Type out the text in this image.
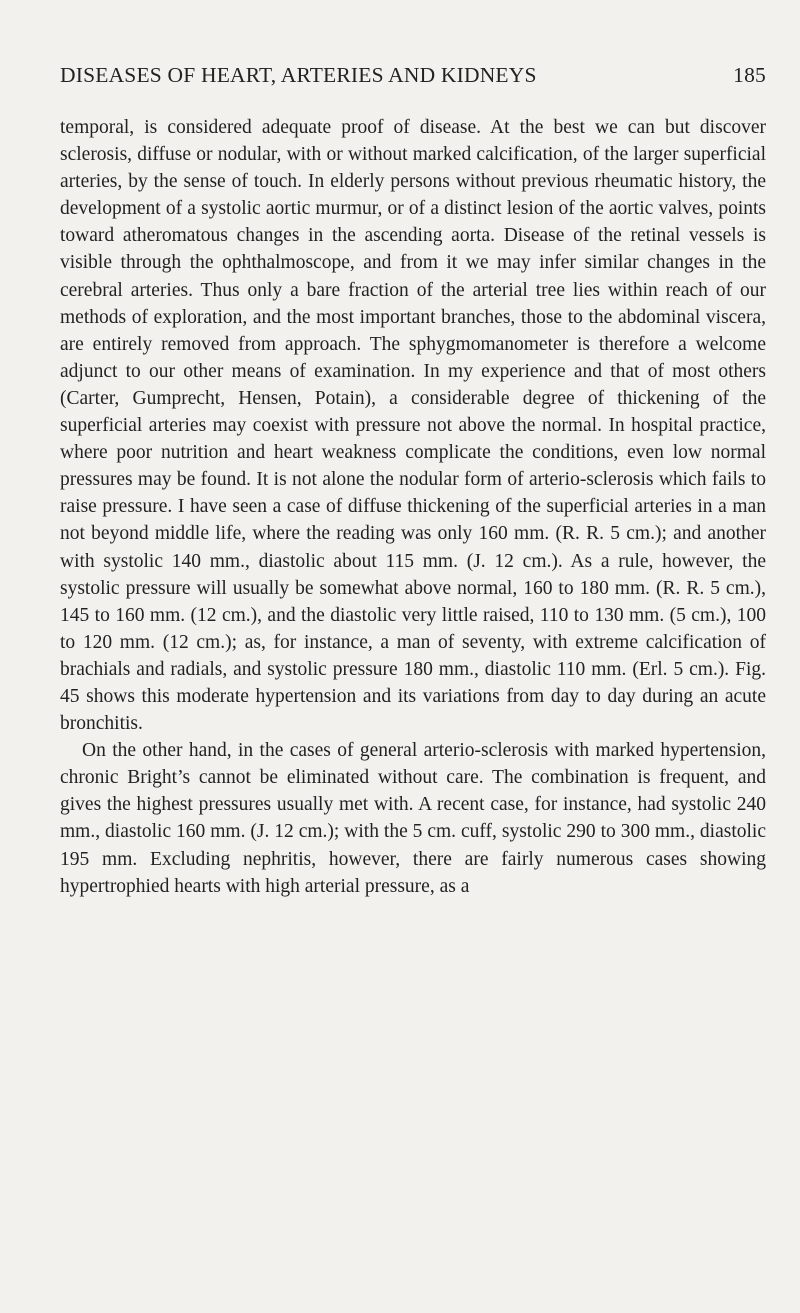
DISEASES OF HEART, ARTERIES AND KIDNEYS	185

temporal, is considered adequate proof of disease. At the best we can but discover sclerosis, diffuse or nodular, with or without marked calcification, of the larger superficial arteries, by the sense of touch. In elderly persons without previous rheumatic history, the development of a systolic aortic murmur, or of a distinct lesion of the aortic valves, points toward atheromatous changes in the ascending aorta. Disease of the retinal vessels is visible through the ophthalmoscope, and from it we may infer similar changes in the cerebral arteries. Thus only a bare fraction of the arterial tree lies within reach of our methods of exploration, and the most important branches, those to the abdominal viscera, are entirely removed from approach. The sphygmomanometer is therefore a welcome adjunct to our other means of examination. In my experience and that of most others (Carter, Gumprecht, Hensen, Potain), a considerable degree of thickening of the superficial arteries may coexist with pressure not above the normal. In hospital practice, where poor nutrition and heart weakness complicate the conditions, even low normal pressures may be found. It is not alone the nodular form of arterio-sclerosis which fails to raise pressure. I have seen a case of diffuse thickening of the superficial arteries in a man not beyond middle life, where the reading was only 160 mm. (R. R. 5 cm.); and another with systolic 140 mm., diastolic about 115 mm. (J. 12 cm.). As a rule, however, the systolic pressure will usually be somewhat above normal, 160 to 180 mm. (R. R. 5 cm.), 145 to 160 mm. (12 cm.), and the diastolic very little raised, 110 to 130 mm. (5 cm.), 100 to 120 mm. (12 cm.); as, for instance, a man of seventy, with extreme calcification of brachials and radials, and systolic pressure 180 mm., diastolic 110 mm. (Erl. 5 cm.). Fig. 45 shows this moderate hypertension and its variations from day to day during an acute bronchitis.

On the other hand, in the cases of general arterio-sclerosis with marked hypertension, chronic Bright’s cannot be eliminated without care. The combination is frequent, and gives the highest pressures usually met with. A recent case, for instance, had systolic 240 mm., diastolic 160 mm. (J. 12 cm.); with the 5 cm. cuff, systolic 290 to 300 mm., diastolic 195 mm. Excluding nephritis, however, there are fairly numerous cases showing hypertrophied hearts with high arterial pressure, as a
